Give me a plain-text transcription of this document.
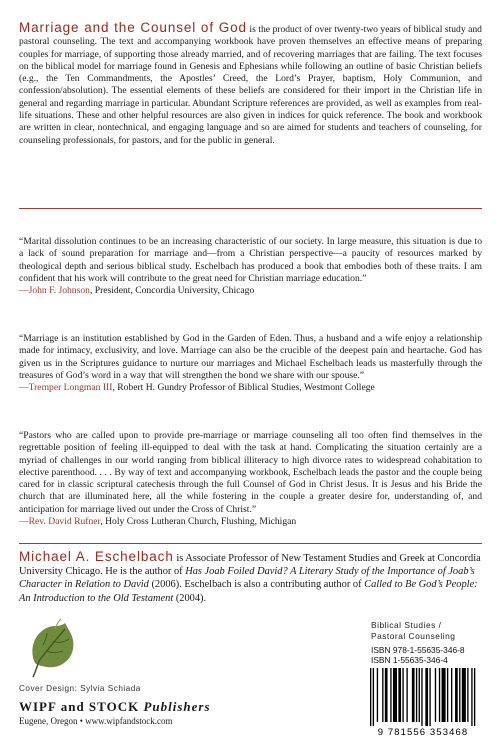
Marriage and the Counsel of God is the product of over twenty-two years of biblical study and pastoral counseling. The text and accompanying workbook have proven themselves an effective means of preparing couples for marriage, of supporting those already married, and of recovering marriages that are failing. The text focuses on the biblical model for marriage found in Genesis and Ephesians while following an outline of basic Christian beliefs (e.g., the Ten Commandments, the Apostles’ Creed, the Lord’s Prayer, baptism, Holy Communion, and confession/absolution). The essential elements of these beliefs are considered for their import in the Christian life in general and regarding marriage in particular. Abundant Scripture references are provided, as well as examples from real-life situations. These and other helpful resources are also given in indices for quick reference. The book and workbook are written in clear, nontechnical, and engaging language and so are aimed for students and teachers of counseling, for counseling professionals, for pastors, and for the public in general.

“Marital dissolution continues to be an increasing characteristic of our society. In large measure, this situation is due to a lack of sound preparation for marriage and—from a Christian perspective—a paucity of resources marked by theological depth and serious biblical study. Eschelbach has produced a book that embodies both of these traits. I am confident that his work will contribute to the great need for Christian marriage education.”

—John F. Johnson, President, Concordia University, Chicago

“Marriage is an institution established by God in the Garden of Eden. Thus, a husband and a wife enjoy a relationship made for intimacy, exclusivity, and love. Marriage can also be the crucible of the deepest pain and heartache. God has given us in the Scriptures guidance to nurture our marriages and Michael Eschelbach leads us masterfully through the treasures of God’s word in a way that will strengthen the bond we share with our spouse.”

—Tremper Longman III, Robert H. Gundry Professor of Biblical Studies, Westmont College

“Pastors who are called upon to provide pre-marriage or marriage counseling all too often find themselves in the regrettable position of feeling ill-equipped to deal with the task at hand. Complicating the situation certainly are a myriad of challenges in our world ranging from biblical illiteracy to high divorce rates to widespread cohabitation to elective parenthood. . . . By way of text and accompanying workbook, Eschelbach leads the pastor and the couple being cared for in classic scriptural catechesis through the full Counsel of God in Christ Jesus. It is Jesus and his Bride the church that are illuminated here, all the while fostering in the couple a greater desire for, understanding of, and anticipation for marriage lived out under the Cross of Christ.”

—Rev. David Rufner, Holy Cross Lutheran Church, Flushing, Michigan

Michael A. Eschelbach is Associate Professor of New Testament Studies and Greek at Concordia University Chicago. He is the author of Has Joab Foiled David? A Literary Study of the Importance of Joab’s Character in Relation to David (2006). Eschelbach is also a contributing author of Called to Be God’s People: An Introduction to the Old Testament (2004).
Cover Design: Sylvia Schiada
WIPF and STOCK Publishers
Eugene, Oregon • www.wipfandstock.com
Biblical Studies /
Pastoral Counseling
ISBN 978-1-55635-346-8
ISBN 1-55635-346-4
9 781556 353468
